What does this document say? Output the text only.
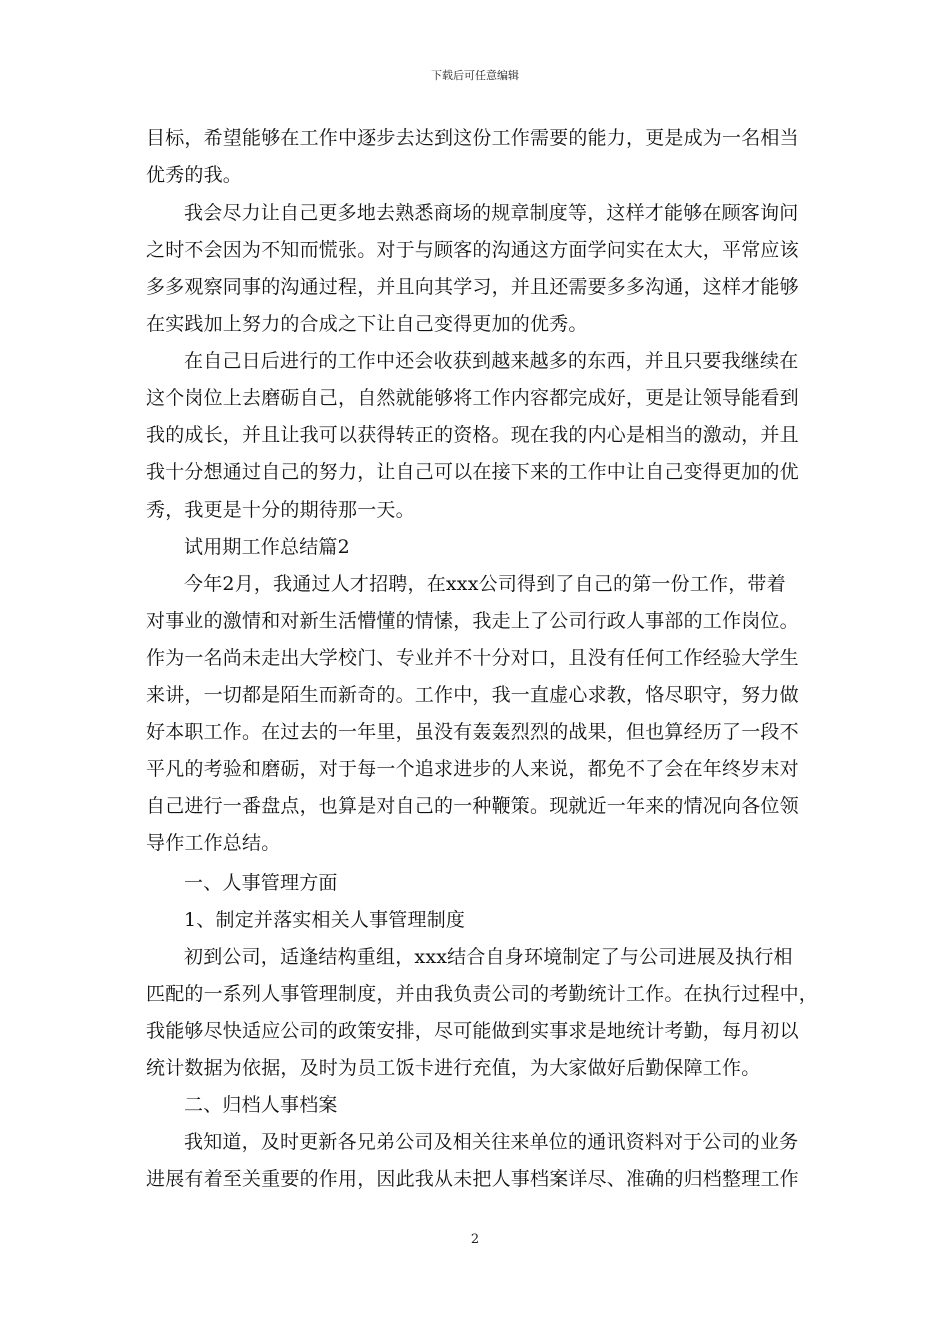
下载后可任意编辑
目标，希望能够在工作中逐步去达到这份工作需要的能力，更是成为一名相当
优秀的我。
我会尽力让自己更多地去熟悉商场的规章制度等，这样才能够在顾客询问
之时不会因为不知而慌张。对于与顾客的沟通这方面学问实在太大，平常应该
多多观察同事的沟通过程，并且向其学习，并且还需要多多沟通，这样才能够
在实践加上努力的合成之下让自己变得更加的优秀。
在自己日后进行的工作中还会收获到越来越多的东西，并且只要我继续在
这个岗位上去磨砺自己，自然就能够将工作内容都完成好，更是让领导能看到
我的成长，并且让我可以获得转正的资格。现在我的内心是相当的激动，并且
我十分想通过自己的努力，让自己可以在接下来的工作中让自己变得更加的优
秀，我更是十分的期待那一天。
试用期工作总结篇2
今年2月，我通过人才招聘，在xxx公司得到了自己的第一份工作，带着
对事业的激情和对新生活懵懂的情愫，我走上了公司行政人事部的工作岗位。
作为一名尚未走出大学校门、专业并不十分对口，且没有任何工作经验大学生
来讲，一切都是陌生而新奇的。工作中，我一直虚心求教，恪尽职守，努力做
好本职工作。在过去的一年里，虽没有轰轰烈烈的战果，但也算经历了一段不
平凡的考验和磨砺，对于每一个追求进步的人来说，都免不了会在年终岁末对
自己进行一番盘点，也算是对自己的一种鞭策。现就近一年来的情况向各位领
导作工作总结。
一、人事管理方面
1、制定并落实相关人事管理制度
初到公司，适逢结构重组，xxx结合自身环境制定了与公司进展及执行相
匹配的一系列人事管理制度，并由我负责公司的考勤统计工作。在执行过程中，
我能够尽快适应公司的政策安排，尽可能做到实事求是地统计考勤，每月初以
统计数据为依据，及时为员工饭卡进行充值，为大家做好后勤保障工作。
二、归档人事档案
我知道，及时更新各兄弟公司及相关往来单位的通讯资料对于公司的业务
进展有着至关重要的作用，因此我从未把人事档案详尽、准确的归档整理工作
2
